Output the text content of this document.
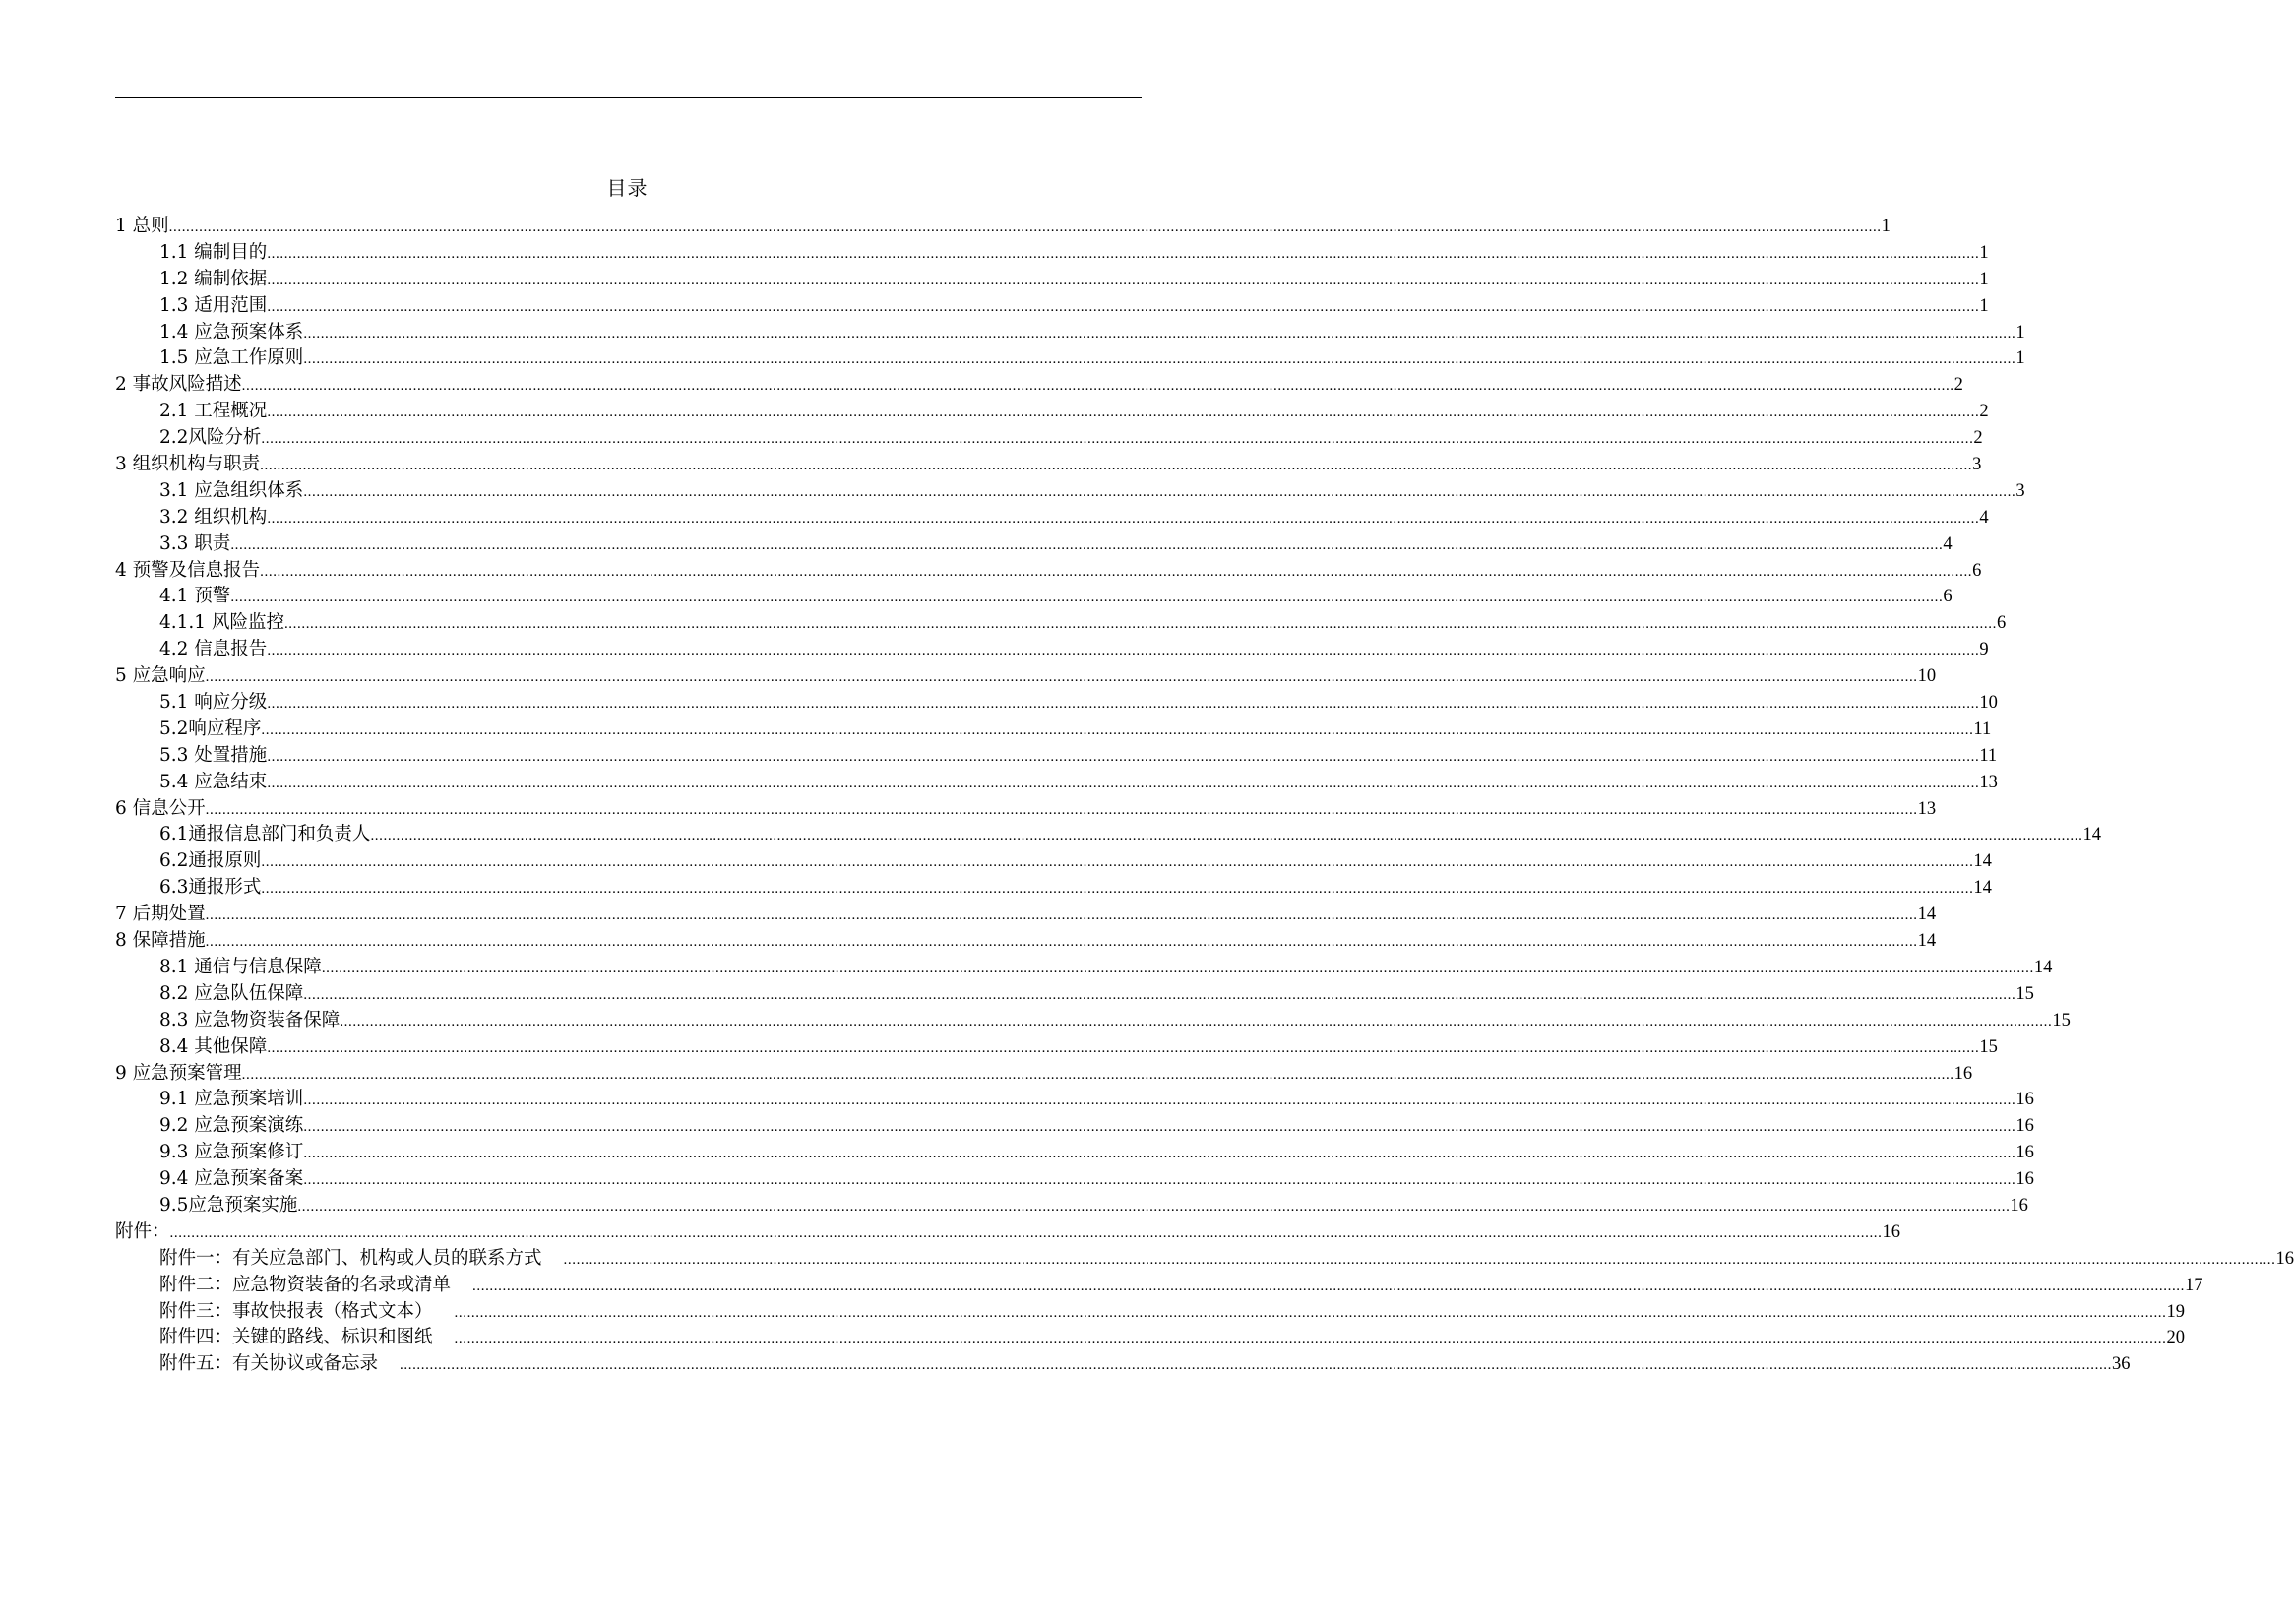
目录
1 总则 ................................................................................................................................................................................................................................................................................................................................................................................................................ 1
1.1 编制目的 ................................................................................................................................................................................................................................................................................................................................................................................................................ 1
1.2 编制依据 ................................................................................................................................................................................................................................................................................................................................................................................................................ 1
1.3 适用范围 ................................................................................................................................................................................................................................................................................................................................................................................................................ 1
1.4 应急预案体系 ................................................................................................................................................................................................................................................................................................................................................................................................................ 1
1.5 应急工作原则 ................................................................................................................................................................................................................................................................................................................................................................................................................ 1
2 事故风险描述 ................................................................................................................................................................................................................................................................................................................................................................................................................ 2
2.1 工程概况 ................................................................................................................................................................................................................................................................................................................................................................................................................ 2
2.2风险分析 ................................................................................................................................................................................................................................................................................................................................................................................................................ 2
3 组织机构与职责 ................................................................................................................................................................................................................................................................................................................................................................................................................ 3
3.1 应急组织体系 ................................................................................................................................................................................................................................................................................................................................................................................................................ 3
3.2 组织机构 ................................................................................................................................................................................................................................................................................................................................................................................................................ 4
3.3 职责 ................................................................................................................................................................................................................................................................................................................................................................................................................ 4
4 预警及信息报告 ................................................................................................................................................................................................................................................................................................................................................................................................................ 6
4.1 预警 ................................................................................................................................................................................................................................................................................................................................................................................................................ 6
4.1.1 风险监控 ................................................................................................................................................................................................................................................................................................................................................................................................................ 6
4.2 信息报告 ................................................................................................................................................................................................................................................................................................................................................................................................................ 9
5 应急响应 ................................................................................................................................................................................................................................................................................................................................................................................................................ 10
5.1 响应分级 ................................................................................................................................................................................................................................................................................................................................................................................................................ 10
5.2响应程序 ................................................................................................................................................................................................................................................................................................................................................................................................................ 11
5.3 处置措施 ................................................................................................................................................................................................................................................................................................................................................................................................................ 11
5.4 应急结束 ................................................................................................................................................................................................................................................................................................................................................................................................................ 13
6 信息公开 ................................................................................................................................................................................................................................................................................................................................................................................................................ 13
6.1通报信息部门和负责人 ................................................................................................................................................................................................................................................................................................................................................................................................................ 14
6.2通报原则 ................................................................................................................................................................................................................................................................................................................................................................................................................ 14
6.3通报形式 ................................................................................................................................................................................................................................................................................................................................................................................................................ 14
7 后期处置 ................................................................................................................................................................................................................................................................................................................................................................................................................ 14
8 保障措施 ................................................................................................................................................................................................................................................................................................................................................................................................................ 14
8.1 通信与信息保障 ................................................................................................................................................................................................................................................................................................................................................................................................................ 14
8.2 应急队伍保障 ................................................................................................................................................................................................................................................................................................................................................................................................................ 15
8.3 应急物资装备保障 ................................................................................................................................................................................................................................................................................................................................................................................................................ 15
8.4 其他保障 ................................................................................................................................................................................................................................................................................................................................................................................................................ 15
9 应急预案管理 ................................................................................................................................................................................................................................................................................................................................................................................................................ 16
9.1 应急预案培训 ................................................................................................................................................................................................................................................................................................................................................................................................................ 16
9.2 应急预案演练 ................................................................................................................................................................................................................................................................................................................................................................................................................ 16
9.3 应急预案修订 ................................................................................................................................................................................................................................................................................................................................................................................................................ 16
9.4 应急预案备案 ................................................................................................................................................................................................................................................................................................................................................................................................................ 16
9.5应急预案实施 ................................................................................................................................................................................................................................................................................................................................................................................................................ 16
附件： ................................................................................................................................................................................................................................................................................................................................................................................................................ 16
附件一：有关应急部门、机构或人员的联系方式	................................................................................................................................................................................................................................................................................................................................................................................................................ 16
附件二：应急物资装备的名录或清单	................................................................................................................................................................................................................................................................................................................................................................................................................ 17
附件三：事故快报表（格式文本）	................................................................................................................................................................................................................................................................................................................................................................................................................ 19
附件四：关键的路线、标识和图纸	................................................................................................................................................................................................................................................................................................................................................................................................................ 20
附件五：有关协议或备忘录	................................................................................................................................................................................................................................................................................................................................................................................................................ 36
